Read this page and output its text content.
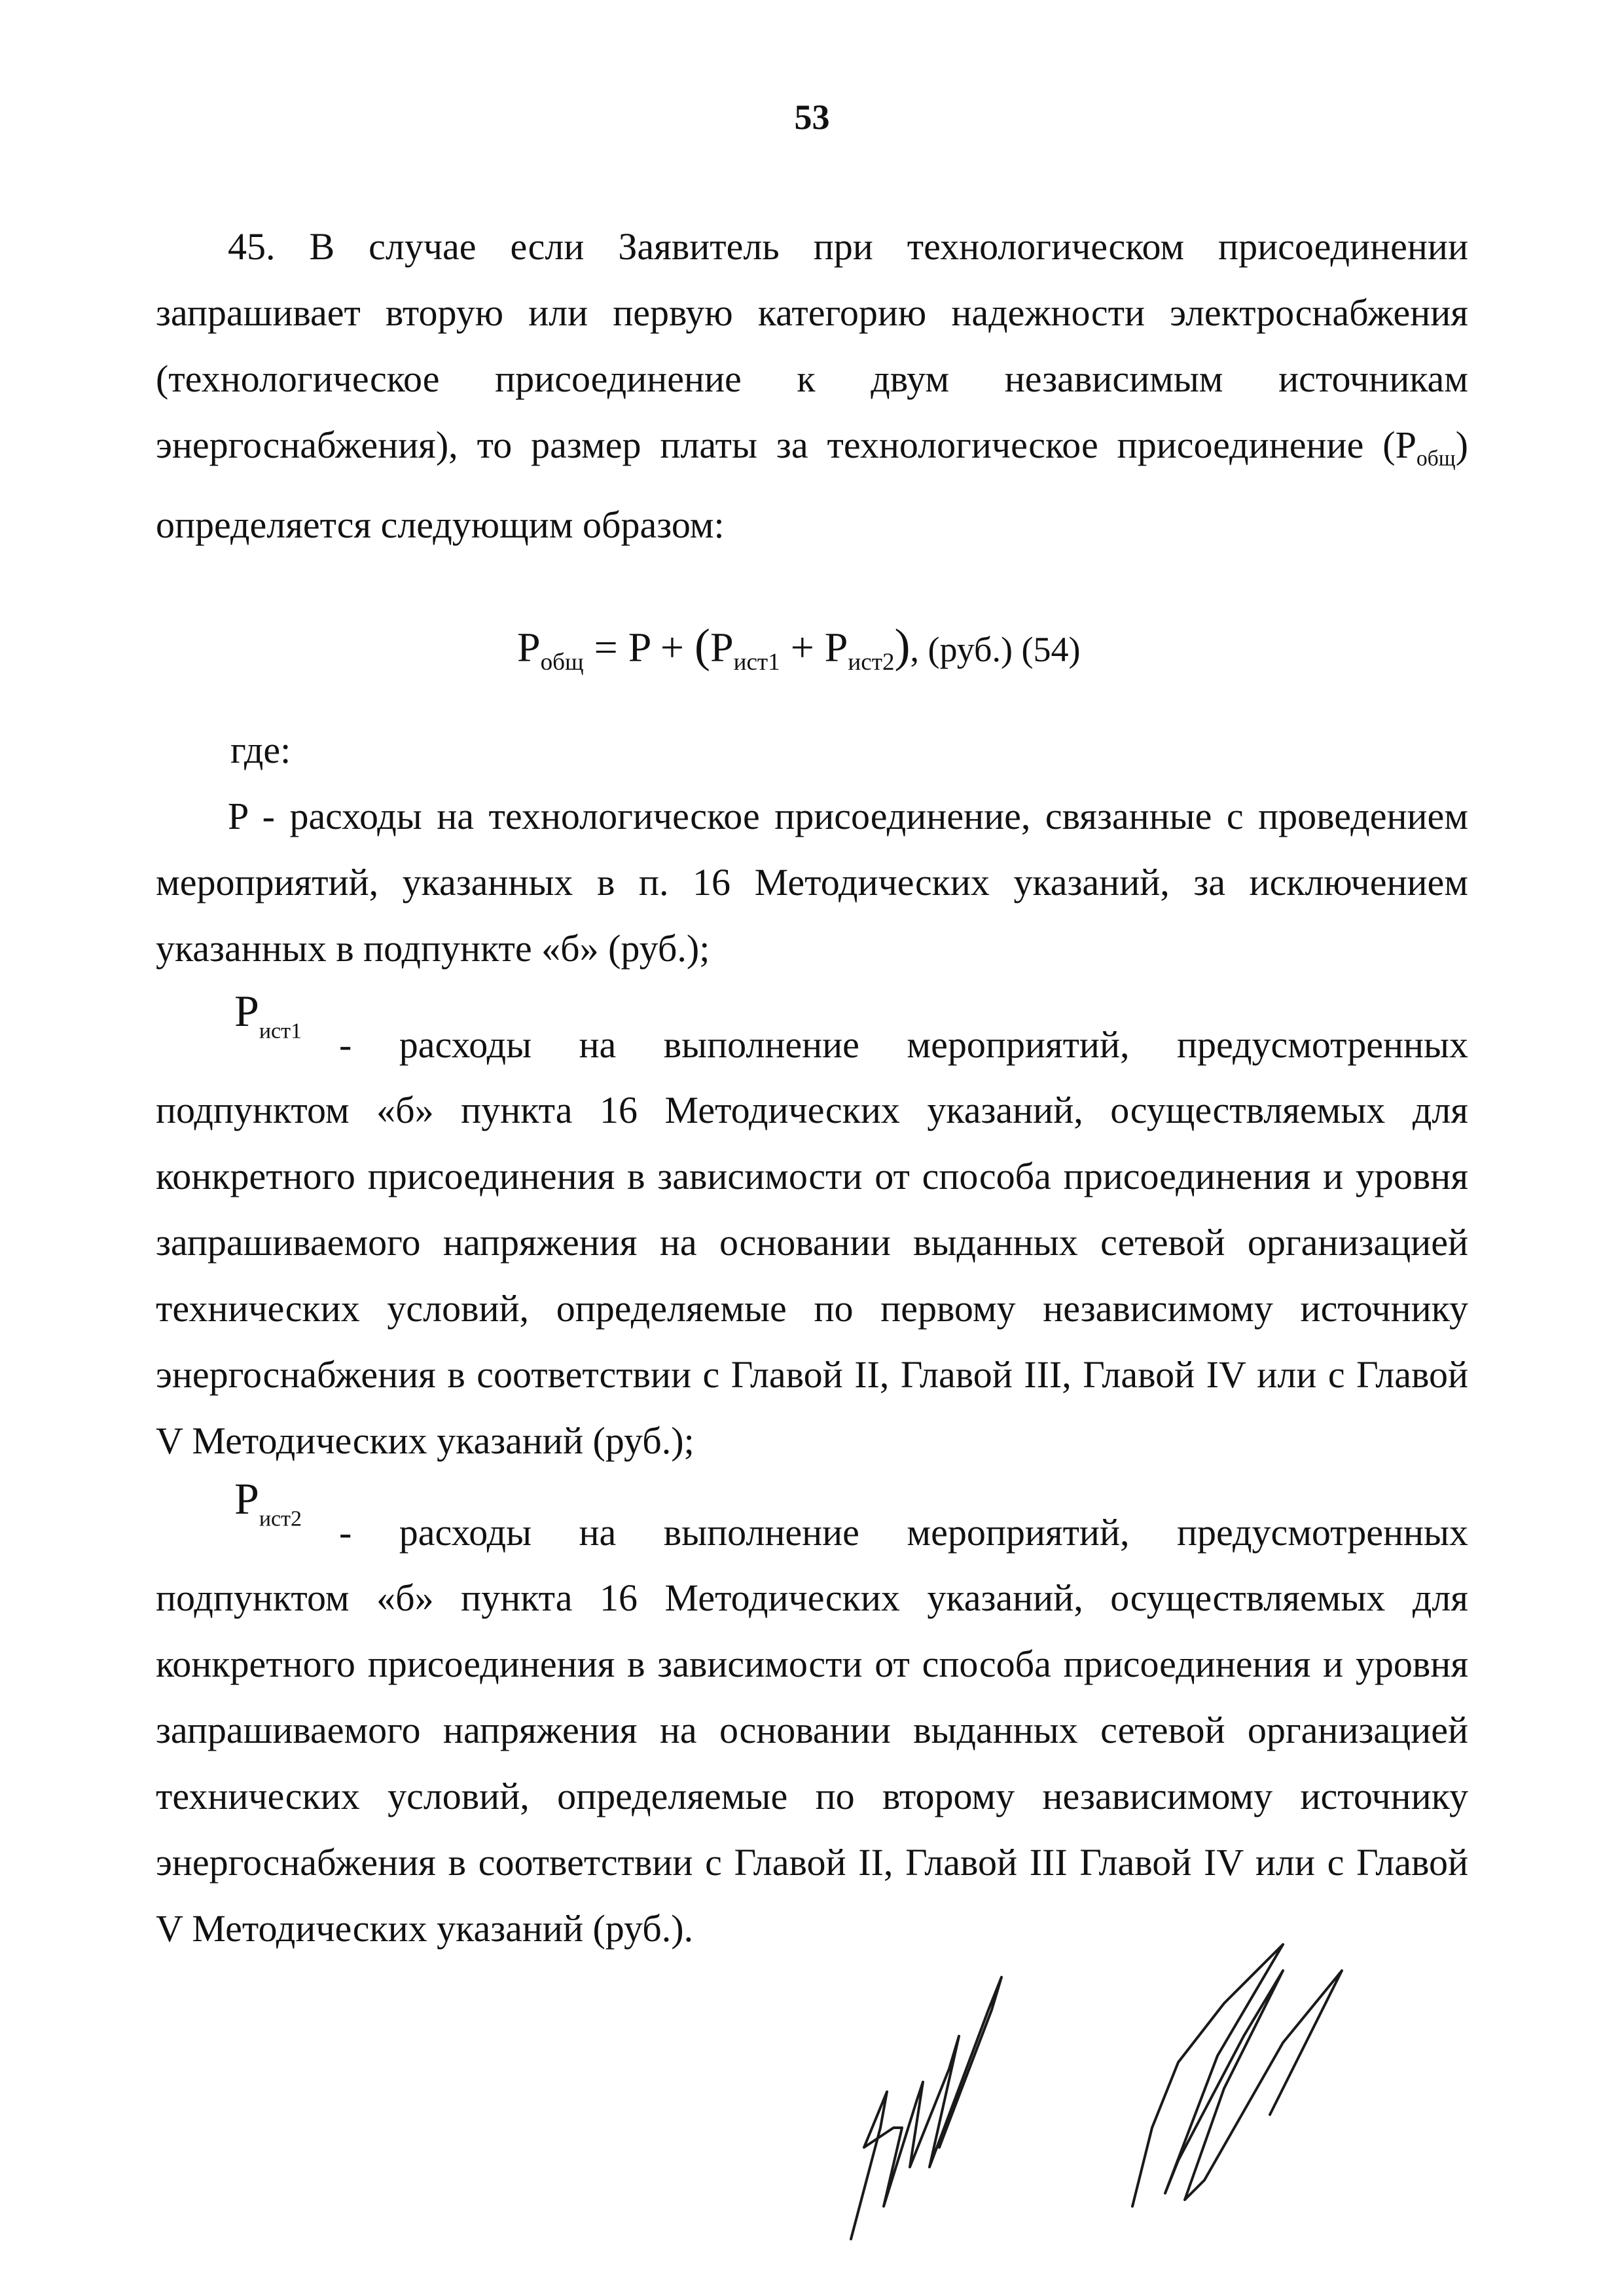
53

45. В случае если Заявитель при технологическом присоединении запрашивает вторую или первую категорию надежности электроснабжения (технологическое присоединение к двум независимым источникам энергоснабжения), то размер платы за технологическое присоединение $(P_{общ})$ определяется следующим образом:

$P_{общ} = P + (P_{ист1} + P_{ист2})$, (руб.) (54)
где:

P - расходы на технологическое присоединение, связанные с проведением мероприятий, указанных в п. 16 Методических указаний, за исключением указанных в подпункте «б» (руб.);

$P_{ист1}$ - расходы на выполнение мероприятий, предусмотренных

подпунктом «б» пункта 16 Методических указаний, осуществляемых для конкретного присоединения в зависимости от способа присоединения и уровня запрашиваемого напряжения на основании выданных сетевой организацией технических условий, определяемые по первому независимому источнику энергоснабжения в соответствии с Главой II, Главой III, Главой IV или с Главой V Методических указаний (руб.);

$P_{ист2}$ - расходы на выполнение мероприятий, предусмотренных

подпунктом «б» пункта 16 Методических указаний, осуществляемых для конкретного присоединения в зависимости от способа присоединения и уровня запрашиваемого напряжения на основании выданных сетевой организацией технических условий, определяемые по второму независимому источнику энергоснабжения в соответствии с Главой II, Главой III Главой IV или с Главой V Методических указаний (руб.).
